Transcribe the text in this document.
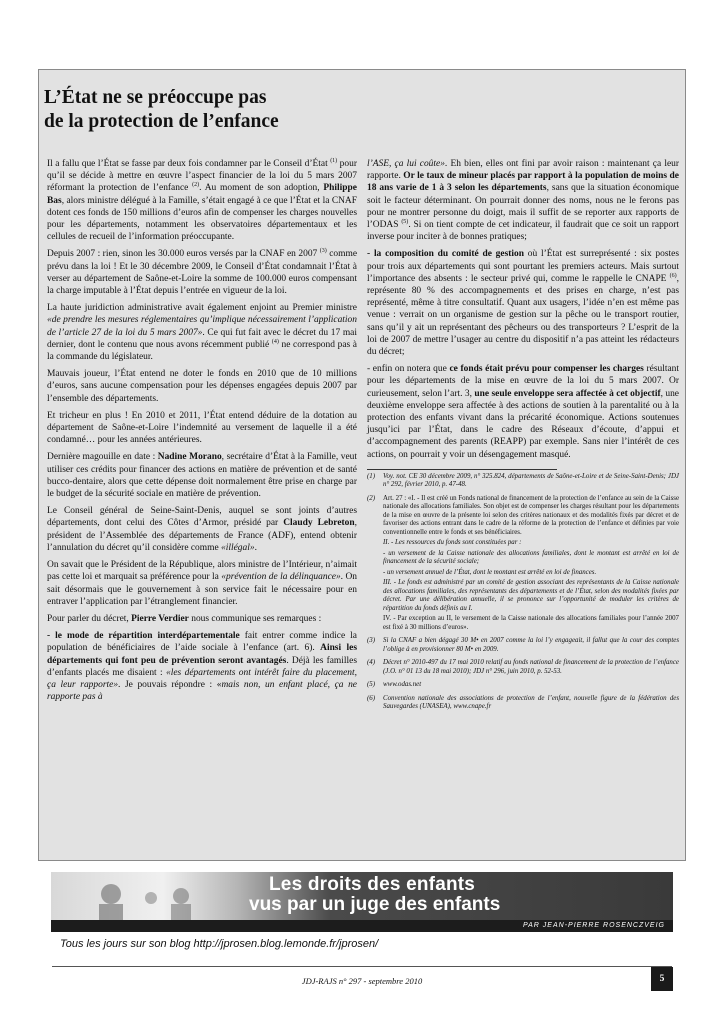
L’État ne se préoccupe pas
de la protection de l’enfance

Il a fallu que l’État se fasse par deux fois condamner par le Conseil d’État $^{(1)}$ pour qu’il se décide à mettre en œuvre l’aspect financier de la loi du 5 mars 2007 réformant la protection de l’enfance $^{(2)}$. Au moment de son adoption, Philippe Bas, alors ministre délégué à la Famille, s’était engagé à ce que l’État et la CNAF dotent ces fonds de 150 millions d’euros afin de compenser les charges nouvelles pour les départements, notamment les observatoires départementaux et les cellules de recueil de l’information préoccupante.

Depuis 2007 : rien, sinon les 30.000 euros versés par la CNAF en 2007 $^{(3)}$ comme prévu dans la loi ! Et le 30 décembre 2009, le Conseil d’État condamnait l’État à verser au département de Saône-et-Loire la somme de 100.000 euros compensant la charge imputable à l’État depuis l’entrée en vigueur de la loi.

La haute juridiction administrative avait également enjoint au Premier ministre «de prendre les mesures réglementaires qu’implique nécessairement l’application de l’article 27 de la loi du 5 mars 2007». Ce qui fut fait avec le décret du 17 mai dernier, dont le contenu que nous avons récemment publié $^{(4)}$ ne correspond pas à la commande du législateur.

Mauvais joueur, l’État entend ne doter le fonds en 2010 que de 10 millions d’euros, sans aucune compensation pour les dépenses engagées depuis 2007 par l’ensemble des départements.

Et tricheur en plus ! En 2010 et 2011, l’État entend déduire de la dotation au département de Saône-et-Loire l’indemnité au versement de laquelle il a été condamné… pour les années antérieures.

Dernière magouille en date : Nadine Morano, secrétaire d’État à la Famille, veut utiliser ces crédits pour financer des actions en matière de prévention et de santé bucco-dentaire, alors que cette dépense doit normalement être prise en charge par le budget de la sécurité sociale en matière de prévention.

Le Conseil général de Seine-Saint-Denis, auquel se sont joints d’autres départements, dont celui des Côtes d’Armor, présidé par Claudy Lebreton, président de l’Assemblée des départements de France (ADF), entend obtenir l’annulation du décret qu’il considère comme «illégal».

On savait que le Président de la République, alors ministre de l’Intérieur, n’aimait pas cette loi et marquait sa préférence pour la «prévention de la délinquance». On sait désormais que le gouvernement à son service fait le nécessaire pour en entraver l’application par l’étranglement financier.

Pour parler du décret, Pierre Verdier nous communique ses remarques :

- le mode de répartition interdépartementale fait entrer comme indice la population de bénéficiaires de l’aide sociale à l’enfance (art. 6). Ainsi les départements qui font peu de prévention seront avantagés. Déjà les familles d’enfants placés me disaient : «les départements ont intérêt faire du placement, ça leur rapporte». Je pouvais répondre : «mais non, un enfant placé, ça ne rapporte pas à

l’ASE, ça lui coûte». Eh bien, elles ont fini par avoir raison : maintenant ça leur rapporte. Or le taux de mineur placés par rapport à la population de moins de 18 ans varie de 1 à 3 selon les départements, sans que la situation économique soit le facteur déterminant. On pourrait donner des noms, nous ne le ferons pas pour ne montrer personne du doigt, mais il suffit de se reporter aux rapports de l’ODAS $^{(5)}$. Si on tient compte de cet indicateur, il faudrait que ce soit un rapport inverse pour inciter à de bonnes pratiques;

- la composition du comité de gestion où l’État est surreprésenté : six postes pour trois aux départements qui sont pourtant les premiers acteurs. Mais surtout l’importance des absents : le secteur privé qui, comme le rappelle le CNAPE $^{(6)}$, représente 80 % des accompagnements et des prises en charge, n’est pas représenté, même à titre consultatif. Quant aux usagers, l’idée n’en est même pas venue : verrait on un organisme de gestion sur la pêche ou le transport routier, sans qu’il y ait un représentant des pêcheurs ou des transporteurs ? L’esprit de la loi de 2007 de mettre l’usager au centre du dispositif n’a pas atteint les rédacteurs du décret;

- enfin on notera que ce fonds était prévu pour compenser les charges résultant pour les départements de la mise en œuvre de la loi du 5 mars 2007. Or curieusement, selon l’art. 3, une seule enveloppe sera affectée à cet objectif, une deuxième enveloppe sera affectée à des actions de soutien à la parentalité ou à la protection des enfants vivant dans la précarité économique. Actions soutenues jusqu’ici par l’État, dans le cadre des Réseaux d’écoute, d’appui et d’accompagnement des parents (REAPP) par exemple. Sans nier l’intérêt de ces actions, on pourrait y voir un désengagement masqué.

(1)	Voy. not. CE 30 décembre 2009, n° 325.824, départements de Saône-et-Loire et de Seine-Saint-Denis; JDJ n° 292, février 2010, p. 47-48.

(2)	Art. 27 : «I. - Il est créé un Fonds national de financement de la protection de l’enfance au sein de la Caisse nationale des allocations familiales. Son objet est de compenser les charges résultant pour les départements de la mise en œuvre de la présente loi selon des critères nationaux et des modalités fixés par décret et de favoriser des actions entrant dans le cadre de la réforme de la protection de l’enfance et définies par voie conventionnelle entre le fonds et ses bénéficiaires.

II. - Les ressources du fonds sont constituées par :

- un versement de la Caisse nationale des allocations familiales, dont le montant est arrêté en loi de financement de la sécurité sociale;

- un versement annuel de l’État, dont le montant est arrêté en loi de finances.

III. - Le fonds est administré par un comité de gestion associant des représentants de la Caisse nationale des allocations familiales, des représentants des départements et de l’État, selon des modalités fixées par décret. Par une délibération annuelle, il se prononce sur l’opportunité de moduler les critères de répartition du fonds définis au I.

IV. - Par exception au II, le versement de la Caisse nationale des allocations familiales pour l’année 2007 est fixé à 30 millions d’euros».

(3)	Si la CNAF a bien dégagé 30 M• en 2007 comme la loi l’y engageait, il fallut que la cour des comptes l’oblige à en provisionner 80 M• en 2009.

(4)	Décret n° 2010-497 du 17 mai 2010 relatif au fonds national de financement de la protection de l’enfance (J.O. n° 01 13 du 18 mai 2010); JDJ n° 296, juin 2010, p. 52-53.

(5)	www.odas.net

(6)	Convention nationale des associations de protection de l’enfant, nouvelle figure de la fédération des Sauvegardes (UNASEA), www.cnape.fr

Les droits des enfants
vus par un juge des enfants
PAR JEAN-PIERRE ROSENCZVEIG
Tous les jours sur son blog http://jprosen.blog.lemonde.fr/jprosen/
JDJ-RAJS n° 297 - septembre 2010	5
